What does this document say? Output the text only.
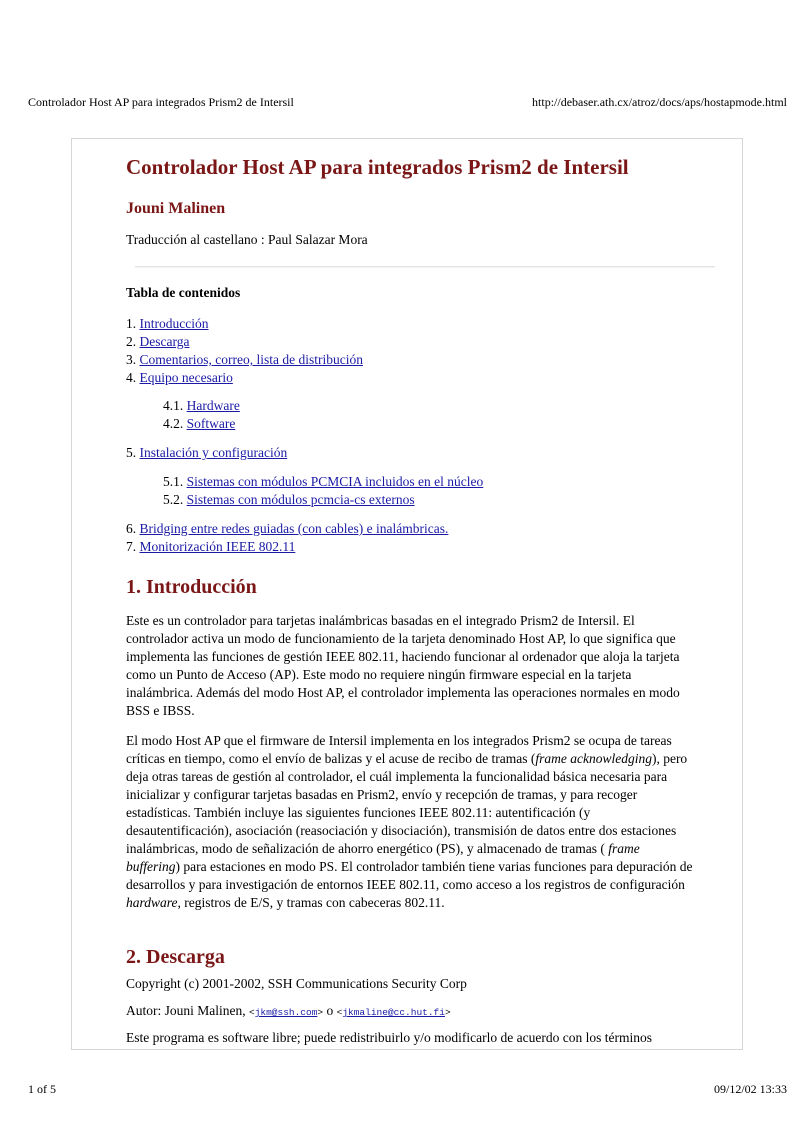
Controlador Host AP para integrados Prism2 de Intersil	http://debaser.ath.cx/atroz/docs/aps/hostapmode.html
Controlador Host AP para integrados Prism2 de Intersil
Jouni Malinen
Traducción al castellano : Paul Salazar Mora
Tabla de contenidos
1. Introducción
2. Descarga
3. Comentarios, correo, lista de distribución
4. Equipo necesario
4.1. Hardware
4.2. Software
5. Instalación y configuración
5.1. Sistemas con módulos PCMCIA incluidos en el núcleo
5.2. Sistemas con módulos pcmcia-cs externos
6. Bridging entre redes guiadas (con cables) e inalámbricas.
7. Monitorización IEEE 802.11
1. Introducción
Este es un controlador para tarjetas inalámbricas basadas en el integrado Prism2 de Intersil. El controlador activa un modo de funcionamiento de la tarjeta denominado Host AP, lo que significa que implementa las funciones de gestión IEEE 802.11, haciendo funcionar al ordenador que aloja la tarjeta como un Punto de Acceso (AP). Este modo no requiere ningún firmware especial en la tarjeta inalámbrica. Además del modo Host AP, el controlador implementa las operaciones normales en modo BSS e IBSS.
El modo Host AP que el firmware de Intersil implementa en los integrados Prism2 se ocupa de tareas críticas en tiempo, como el envío de balizas y el acuse de recibo de tramas (frame acknowledging), pero deja otras tareas de gestión al controlador, el cuál implementa la funcionalidad básica necesaria para inicializar y configurar tarjetas basadas en Prism2, envío y recepción de tramas, y para recoger estadísticas. También incluye las siguientes funciones IEEE 802.11: autentificación (y desautentificación), asociación (reasociación y disociación), transmisión de datos entre dos estaciones inalámbricas, modo de señalización de ahorro energético (PS), y almacenado de tramas ( frame buffering) para estaciones en modo PS. El controlador también tiene varias funciones para depuración de desarrollos y para investigación de entornos IEEE 802.11, como acceso a los registros de configuración hardware, registros de E/S, y tramas con cabeceras 802.11.
2. Descarga
Copyright (c) 2001-2002, SSH Communications Security Corp
Autor: Jouni Malinen, <jkm@ssh.com> o <jkmaline@cc.hut.fi>
Este programa es software libre; puede redistribuirlo y/o modificarlo de acuerdo con los términos
1 of 5	09/12/02 13:33
